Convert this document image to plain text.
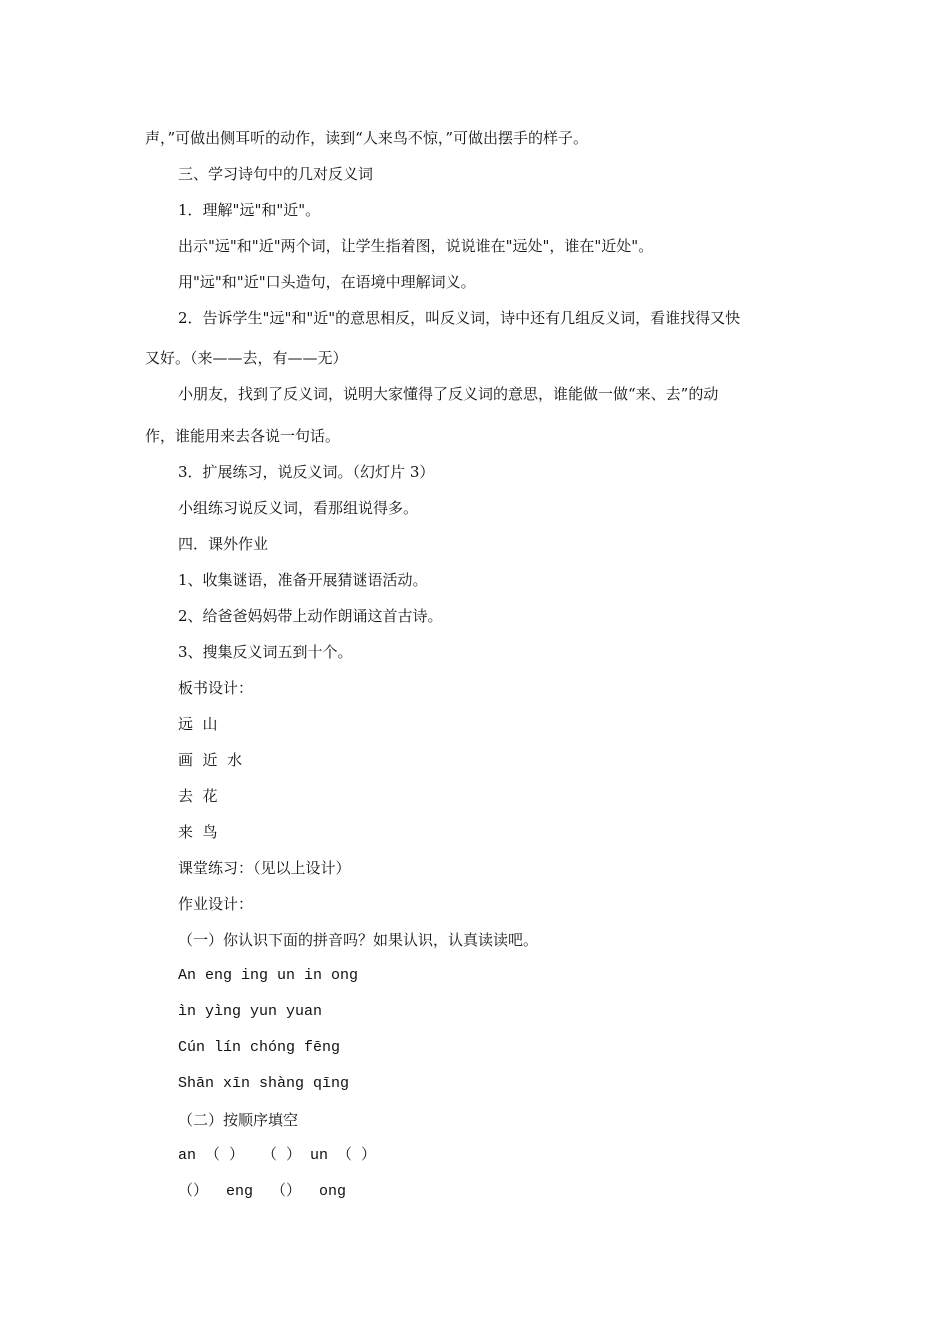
声，”可做出侧耳听的动作，读到“人来鸟不惊，”可做出摆手的样子。
三、学习诗句中的几对反义词
1．理解"远"和"近"。
出示"远"和"近"两个词，让学生指着图，说说谁在"远处"，谁在"近处"。
用"远"和"近"口头造句，在语境中理解词义。
2．告诉学生"远"和"近"的意思相反，叫反义词，诗中还有几组反义词，看谁找得又快
又好。（来——去，有——无）
小朋友，找到了反义词，说明大家懂得了反义词的意思，谁能做一做“来、去”的动
作，谁能用来去各说一句话。
3．扩展练习，说反义词。（幻灯片 3）
小组练习说反义词，看那组说得多。
四．课外作业
1、收集谜语，准备开展猜谜语活动。
2、给爸爸妈妈带上动作朗诵这首古诗。
3、搜集反义词五到十个。
板书设计：
远  山
画  近  水
去  花
来  鸟
课堂练习：（见以上设计）
作业设计：
（一）你认识下面的拼音吗？如果认识，认真读读吧。
An eng ing un in ong
ìn yìng yun yuan
Cún lín chóng fēng
Shān xīn shàng qīng
（二）按顺序填空
an （ ）  （ ） un （ ）
（）  eng  （）  ong
